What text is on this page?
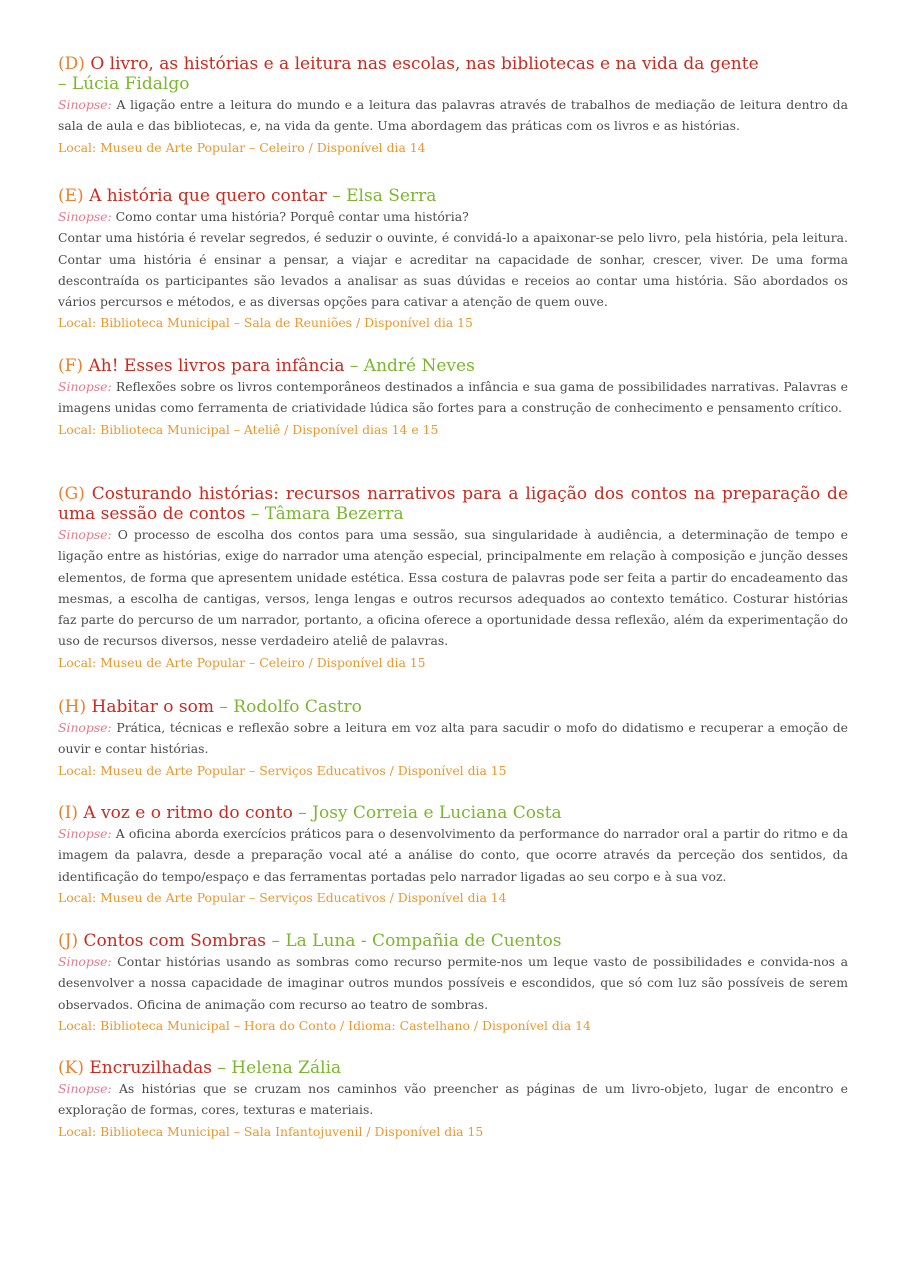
(D) O livro, as histórias e a leitura nas escolas, nas bibliotecas e na vida da gente
– Lúcia Fidalgo

Sinopse: A ligação entre a leitura do mundo e a leitura das palavras através de trabalhos de mediação de leitura dentro da sala de aula e das bibliotecas, e, na vida da gente. Uma abordagem das práticas com os livros e as histórias.

Local: Museu de Arte Popular – Celeiro / Disponível dia 14

(E) A história que quero contar – Elsa Serra

Sinopse: Como contar uma história? Porquê contar uma história?

Contar uma história é revelar segredos, é seduzir o ouvinte, é convidá-lo a apaixonar-se pelo livro, pela história, pela leitura. Contar uma história é ensinar a pensar, a viajar e acreditar na capacidade de sonhar, crescer, viver. De uma forma descontraída os participantes são levados a analisar as suas dúvidas e receios ao contar uma história. São abordados os vários percursos e métodos, e as diversas opções para cativar a atenção de quem ouve.

Local: Biblioteca Municipal – Sala de Reuniões / Disponível dia 15

(F) Ah! Esses livros para infância – André Neves

Sinopse: Reflexões sobre os livros contemporâneos destinados a infância e sua gama de possibilidades narrativas. Palavras e imagens unidas como ferramenta de criatividade lúdica são fortes para a construção de conhecimento e pensamento crítico.

Local: Biblioteca Municipal – Ateliê / Disponível dias 14 e 15

(G) Costurando histórias: recursos narrativos para a ligação dos contos na preparação de uma sessão de contos – Tâmara Bezerra

Sinopse: O processo de escolha dos contos para uma sessão, sua singularidade à audiência, a determinação de tempo e ligação entre as histórias, exige do narrador uma atenção especial, principalmente em relação à composição e junção desses elementos, de forma que apresentem unidade estética. Essa costura de palavras pode ser feita a partir do encadeamento das mesmas, a escolha de cantigas, versos, lenga lengas e outros recursos adequados ao contexto temático. Costurar histórias faz parte do percurso de um narrador, portanto, a oficina oferece a oportunidade dessa reflexão, além da experimentação do uso de recursos diversos, nesse verdadeiro ateliê de palavras.

Local: Museu de Arte Popular – Celeiro / Disponível dia 15

(H) Habitar o som – Rodolfo Castro

Sinopse: Prática, técnicas e reflexão sobre a leitura em voz alta para sacudir o mofo do didatismo e recuperar a emoção de ouvir e contar histórias.

Local: Museu de Arte Popular – Serviços Educativos / Disponível dia 15

(I) A voz e o ritmo do conto – Josy Correia e Luciana Costa

Sinopse: A oficina aborda exercícios práticos para o desenvolvimento da performance do narrador oral a partir do ritmo e da imagem da palavra, desde a preparação vocal até a análise do conto, que ocorre através da perceção dos sentidos, da identificação do tempo/espaço e das ferramentas portadas pelo narrador ligadas ao seu corpo e à sua voz.

Local: Museu de Arte Popular – Serviços Educativos / Disponível dia 14

(J) Contos com Sombras – La Luna - Compañia de Cuentos

Sinopse: Contar histórias usando as sombras como recurso permite-nos um leque vasto de possibilidades e convida-nos a desenvolver a nossa capacidade de imaginar outros mundos possíveis e escondidos, que só com luz são possíveis de serem observados. Oficina de animação com recurso ao teatro de sombras.

Local: Biblioteca Municipal – Hora do Conto / Idioma: Castelhano / Disponível dia 14

(K) Encruzilhadas – Helena Zália

Sinopse: As histórias que se cruzam nos caminhos vão preencher as páginas de um livro-objeto, lugar de encontro e exploração de formas, cores, texturas e materiais.

Local: Biblioteca Municipal – Sala Infantojuvenil / Disponível dia 15
